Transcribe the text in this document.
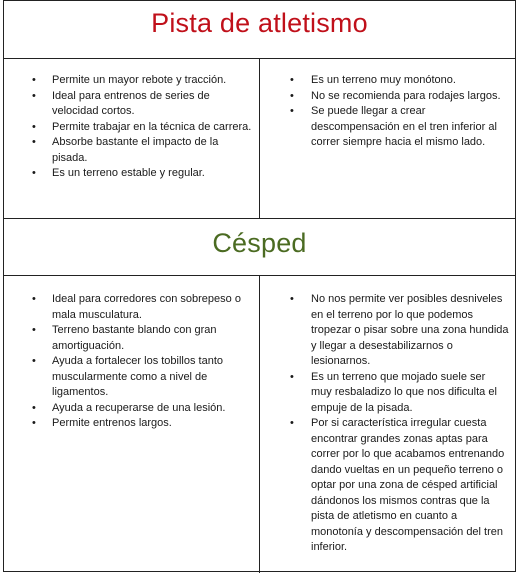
Pista de atletismo
• Permite un mayor rebote y tracción.
• Ideal para entrenos de series de velocidad cortos.
• Permite trabajar en la técnica de carrera.
• Absorbe bastante el impacto de la pisada.
• Es un terreno estable y regular.
• Es un terreno muy monótono.
• No se recomienda para rodajes largos.
• Se puede llegar a crear descompensación en el tren inferior al correr siempre hacia el mismo lado.
Césped
• Ideal para corredores con sobrepeso o mala musculatura.
• Terreno bastante blando con gran amortiguación.
• Ayuda a fortalecer los tobillos tanto muscularmente como a nivel de ligamentos.
• Ayuda a recuperarse de una lesión.
• Permite entrenos largos.
• No nos permite ver posibles desniveles en el terreno por lo que podemos tropezar o pisar sobre una zona hundida y llegar a desestabilizarnos o lesionarnos.
• Es un terreno que mojado suele ser muy resbaladizo lo que nos dificulta el empuje de la pisada.
• Por si característica irregular cuesta encontrar grandes zonas aptas para correr por lo que acabamos entrenando dando vueltas en un pequeño terreno o optar por una zona de césped artificial dándonos los mismos contras que la pista de atletismo en cuanto a monotonía y descompensación del tren inferior.
